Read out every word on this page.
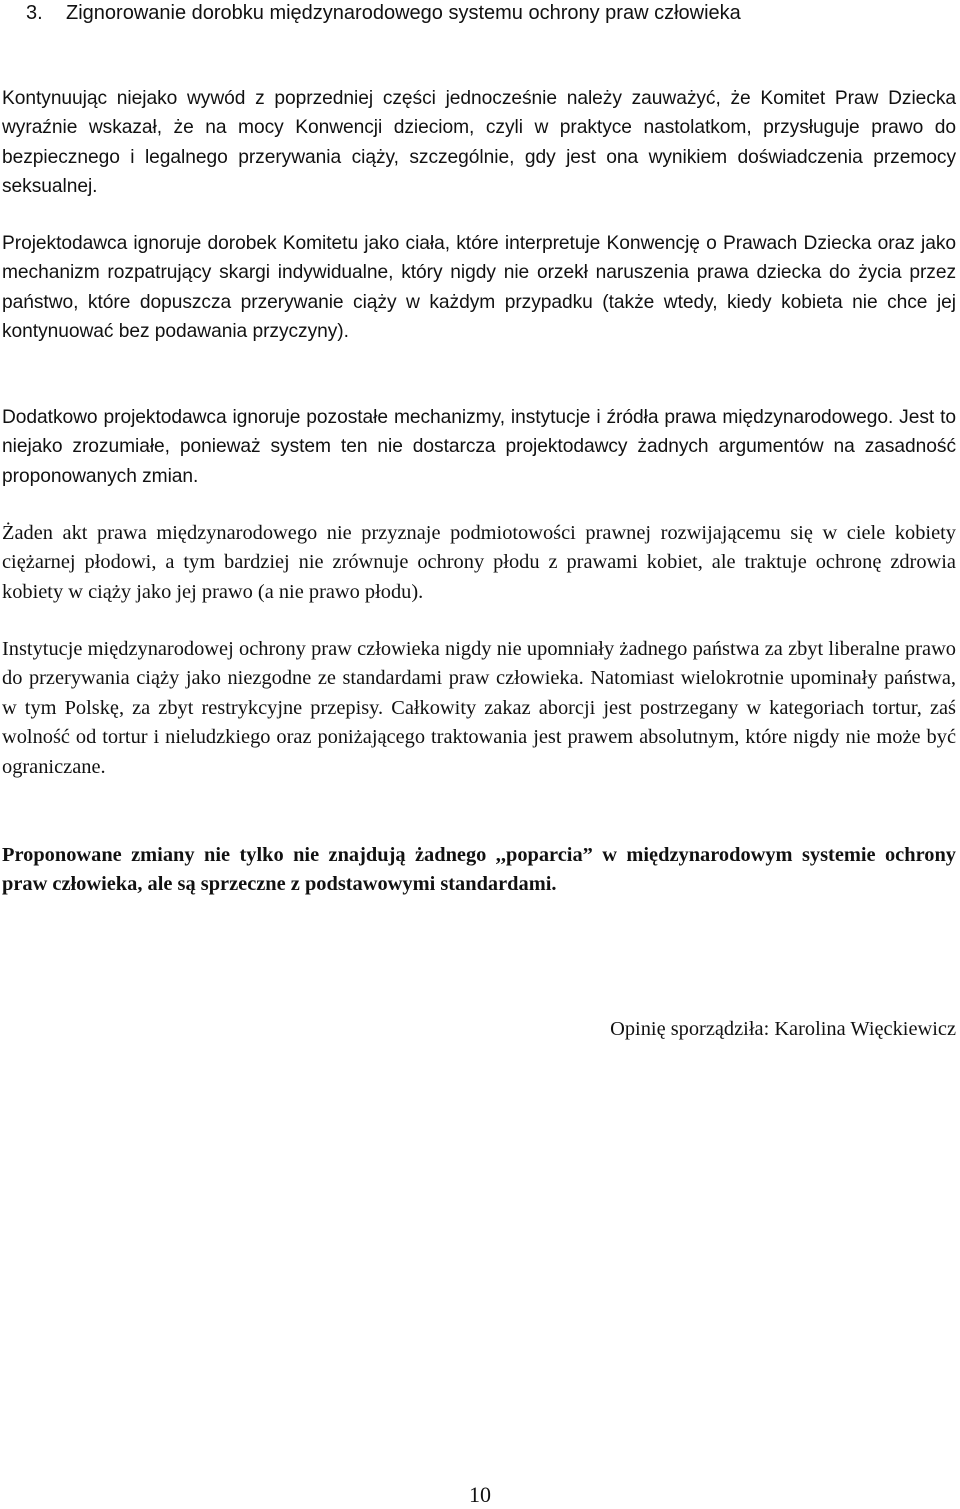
3. Zignorowanie dorobku międzynarodowego systemu ochrony praw człowieka

Kontynuując niejako wywód z poprzedniej części jednocześnie należy zauważyć, że Komitet Praw Dziecka wyraźnie wskazał, że na mocy Konwencji dzieciom, czyli w praktyce nastolatkom, przysługuje prawo do bezpiecznego i legalnego przerywania ciąży, szczególnie, gdy jest ona wynikiem doświadczenia przemocy seksualnej.

Projektodawca ignoruje dorobek Komitetu jako ciała, które interpretuje Konwencję o Prawach Dziecka oraz jako mechanizm rozpatrujący skargi indywidualne, który nigdy nie orzekł naruszenia prawa dziecka do życia przez państwo, które dopuszcza przerywanie ciąży w każdym przypadku (także wtedy, kiedy kobieta nie chce jej kontynuować bez podawania przyczyny).

Dodatkowo projektodawca ignoruje pozostałe mechanizmy, instytucje i źródła prawa międzynarodowego. Jest to niejako zrozumiałe, ponieważ system ten nie dostarcza projektodawcy żadnych argumentów na zasadność proponowanych zmian.

Żaden akt prawa międzynarodowego nie przyznaje podmiotowości prawnej rozwijającemu się w ciele kobiety ciężarnej płodowi, a tym bardziej nie zrównuje ochrony płodu z prawami kobiet, ale traktuje ochronę zdrowia kobiety w ciąży jako jej prawo (a nie prawo płodu).

Instytucje międzynarodowej ochrony praw człowieka nigdy nie upomniały żadnego państwa za zbyt liberalne prawo do przerywania ciąży jako niezgodne ze standardami praw człowieka. Natomiast wielokrotnie upominały państwa, w tym Polskę, za zbyt restrykcyjne przepisy. Całkowity zakaz aborcji jest postrzegany w kategoriach tortur, zaś wolność od tortur i nieludzkiego oraz poniżającego traktowania jest prawem absolutnym, które nigdy nie może być ograniczane.

Proponowane zmiany nie tylko nie znajdują żadnego ,,poparcia” w międzynarodowym systemie ochrony praw człowieka, ale są sprzeczne z podstawowymi standardami.

Opinię sporządziła: Karolina Więckiewicz
10
